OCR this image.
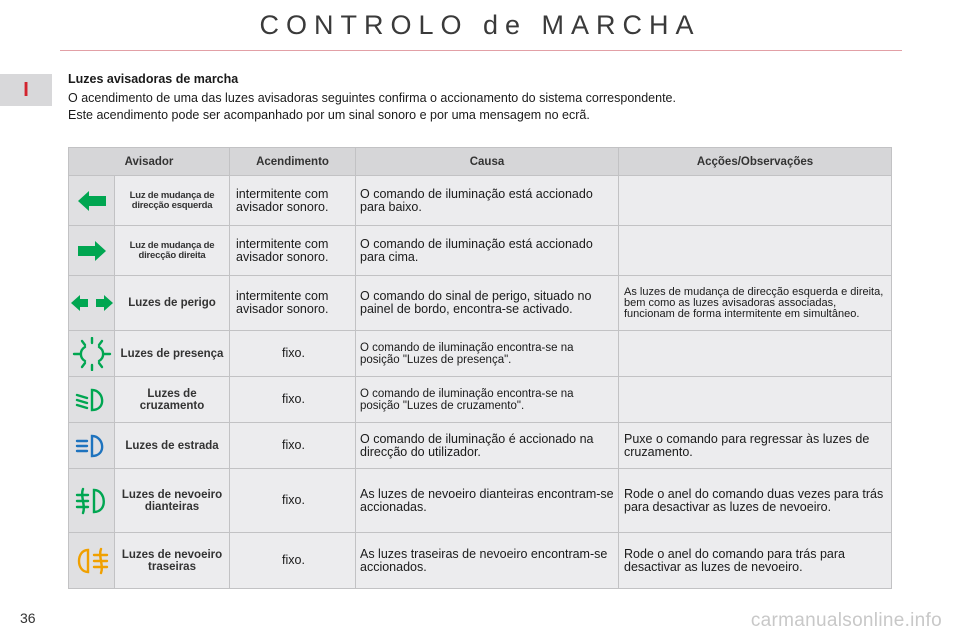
CONTROLO de MARCHA
I	Luzes avisadoras de marcha
O acendimento de uma das luzes avisadoras seguintes confirma o accionamento do sistema correspondente.
Este acendimento pode ser acompanhado por um sinal sonoro e por uma mensagem no ecrã.
Avisador		Acendimento	Causa	Acções/Observações

	Luz de mudança de direcção esquerda	intermitente com avisador sonoro.	O comando de iluminação está accionado para baixo.	

	Luz de mudança de direcção direita	intermitente com avisador sonoro.	O comando de iluminação está accionado para cima.	

	Luzes de perigo	intermitente com avisador sonoro.	O comando do sinal de perigo, situado no painel de bordo, encontra-se activado.	As luzes de mudança de direcção esquerda e direita, bem como as luzes avisadoras associadas, funcionam de forma intermitente em simultâneo.

	Luzes de presença	fixo.	O comando de iluminação encontra-se na posição "Luzes de presença".	

	Luzes de cruzamento	fixo.	O comando de iluminação encontra-se na posição "Luzes de cruzamento".	

	Luzes de estrada	fixo.	O comando de iluminação é accionado na direcção do utilizador.	Puxe o comando para regressar às luzes de cruzamento.

	Luzes de nevoeiro dianteiras	fixo.	As luzes de nevoeiro dianteiras encontram-se accionadas.	Rode o anel do comando duas vezes para trás para desactivar as luzes de nevoeiro.

	Luzes de nevoeiro traseiras	fixo.	As luzes traseiras de nevoeiro encontram-se accionados.	Rode o anel do comando para trás para desactivar as luzes de nevoeiro.
36	carmanualsonline.info
